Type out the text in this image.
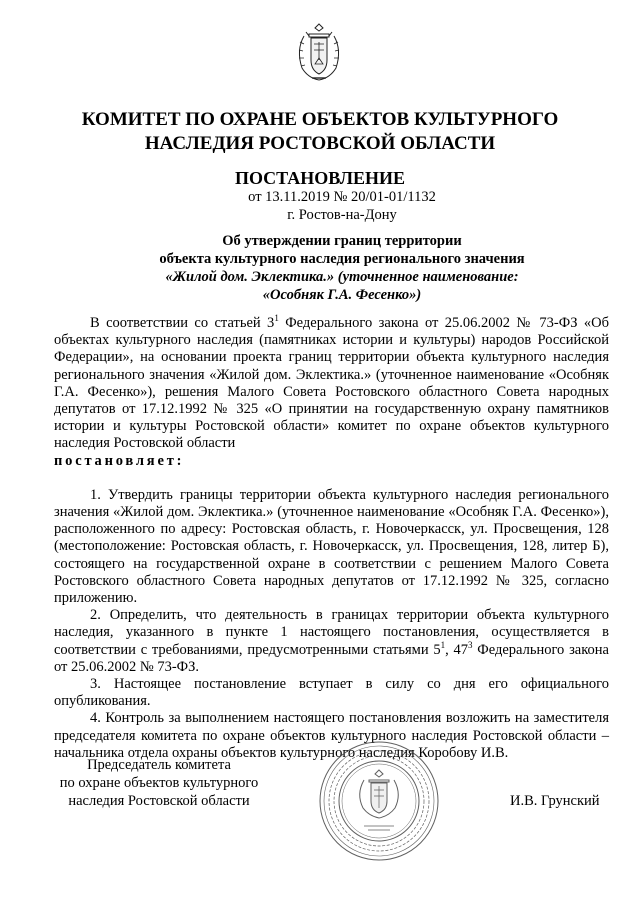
КОМИТЕТ ПО ОХРАНЕ ОБЪЕКТОВ КУЛЬТУРНОГО
НАСЛЕДИЯ РОСТОВСКОЙ ОБЛАСТИ
ПОСТАНОВЛЕНИЕ
от 13.11.2019 № 20/01-01/1132
г. Ростов-на-Дону
Об утверждении границ территории
объекта культурного наследия регионального значения
«Жилой дом. Эклектика.» (уточненное наименование:
«Особняк Г.А. Фесенко»)

В соответствии со статьей $3^1$ Федерального закона от 25.06.2002 № 73-ФЗ «Об объектах культурного наследия (памятниках истории и культуры) народов Российской Федерации», на основании проекта границ территории объекта культурного наследия регионального значения «Жилой дом. Эклектика.» (уточненное наименование «Особняк Г.А. Фесенко»), решения Малого Совета Ростовского областного Совета народных депутатов от 17.12.1992 № 325 «О принятии на государственную охрану памятников истории и культуры Ростовской области» комитет по охране объектов культурного наследия Ростовской области

постановляет:

1. Утвердить границы территории объекта культурного наследия регионального значения «Жилой дом. Эклектика.» (уточненное наименование «Особняк Г.А. Фесенко»), расположенного по адресу: Ростовская область, г. Новочеркасск, ул. Просвещения, 128 (местоположение: Ростовская область, г. Новочеркасск, ул. Просвещения, 128, литер Б), состоящего на государственной охране в соответствии с решением Малого Совета Ростовского областного Совета народных депутатов от 17.12.1992 № 325, согласно приложению.

2. Определить, что деятельность в границах территории объекта культурного наследия, указанного в пункте 1 настоящего постановления, осуществляется в соответствии с требованиями, предусмотренными статьями $5^1$, $47^3$ Федерального закона от 25.06.2002 № 73-ФЗ.

3. Настоящее постановление вступает в силу со дня его официального опубликования.

4. Контроль за выполнением настоящего постановления возложить на заместителя председателя комитета по охране объектов культурного наследия Ростовской области – начальника отдела охраны объектов культурного наследия Коробову И.В.

Председатель комитета
по охране объектов культурного
наследия Ростовской области	И.В. Грунский
